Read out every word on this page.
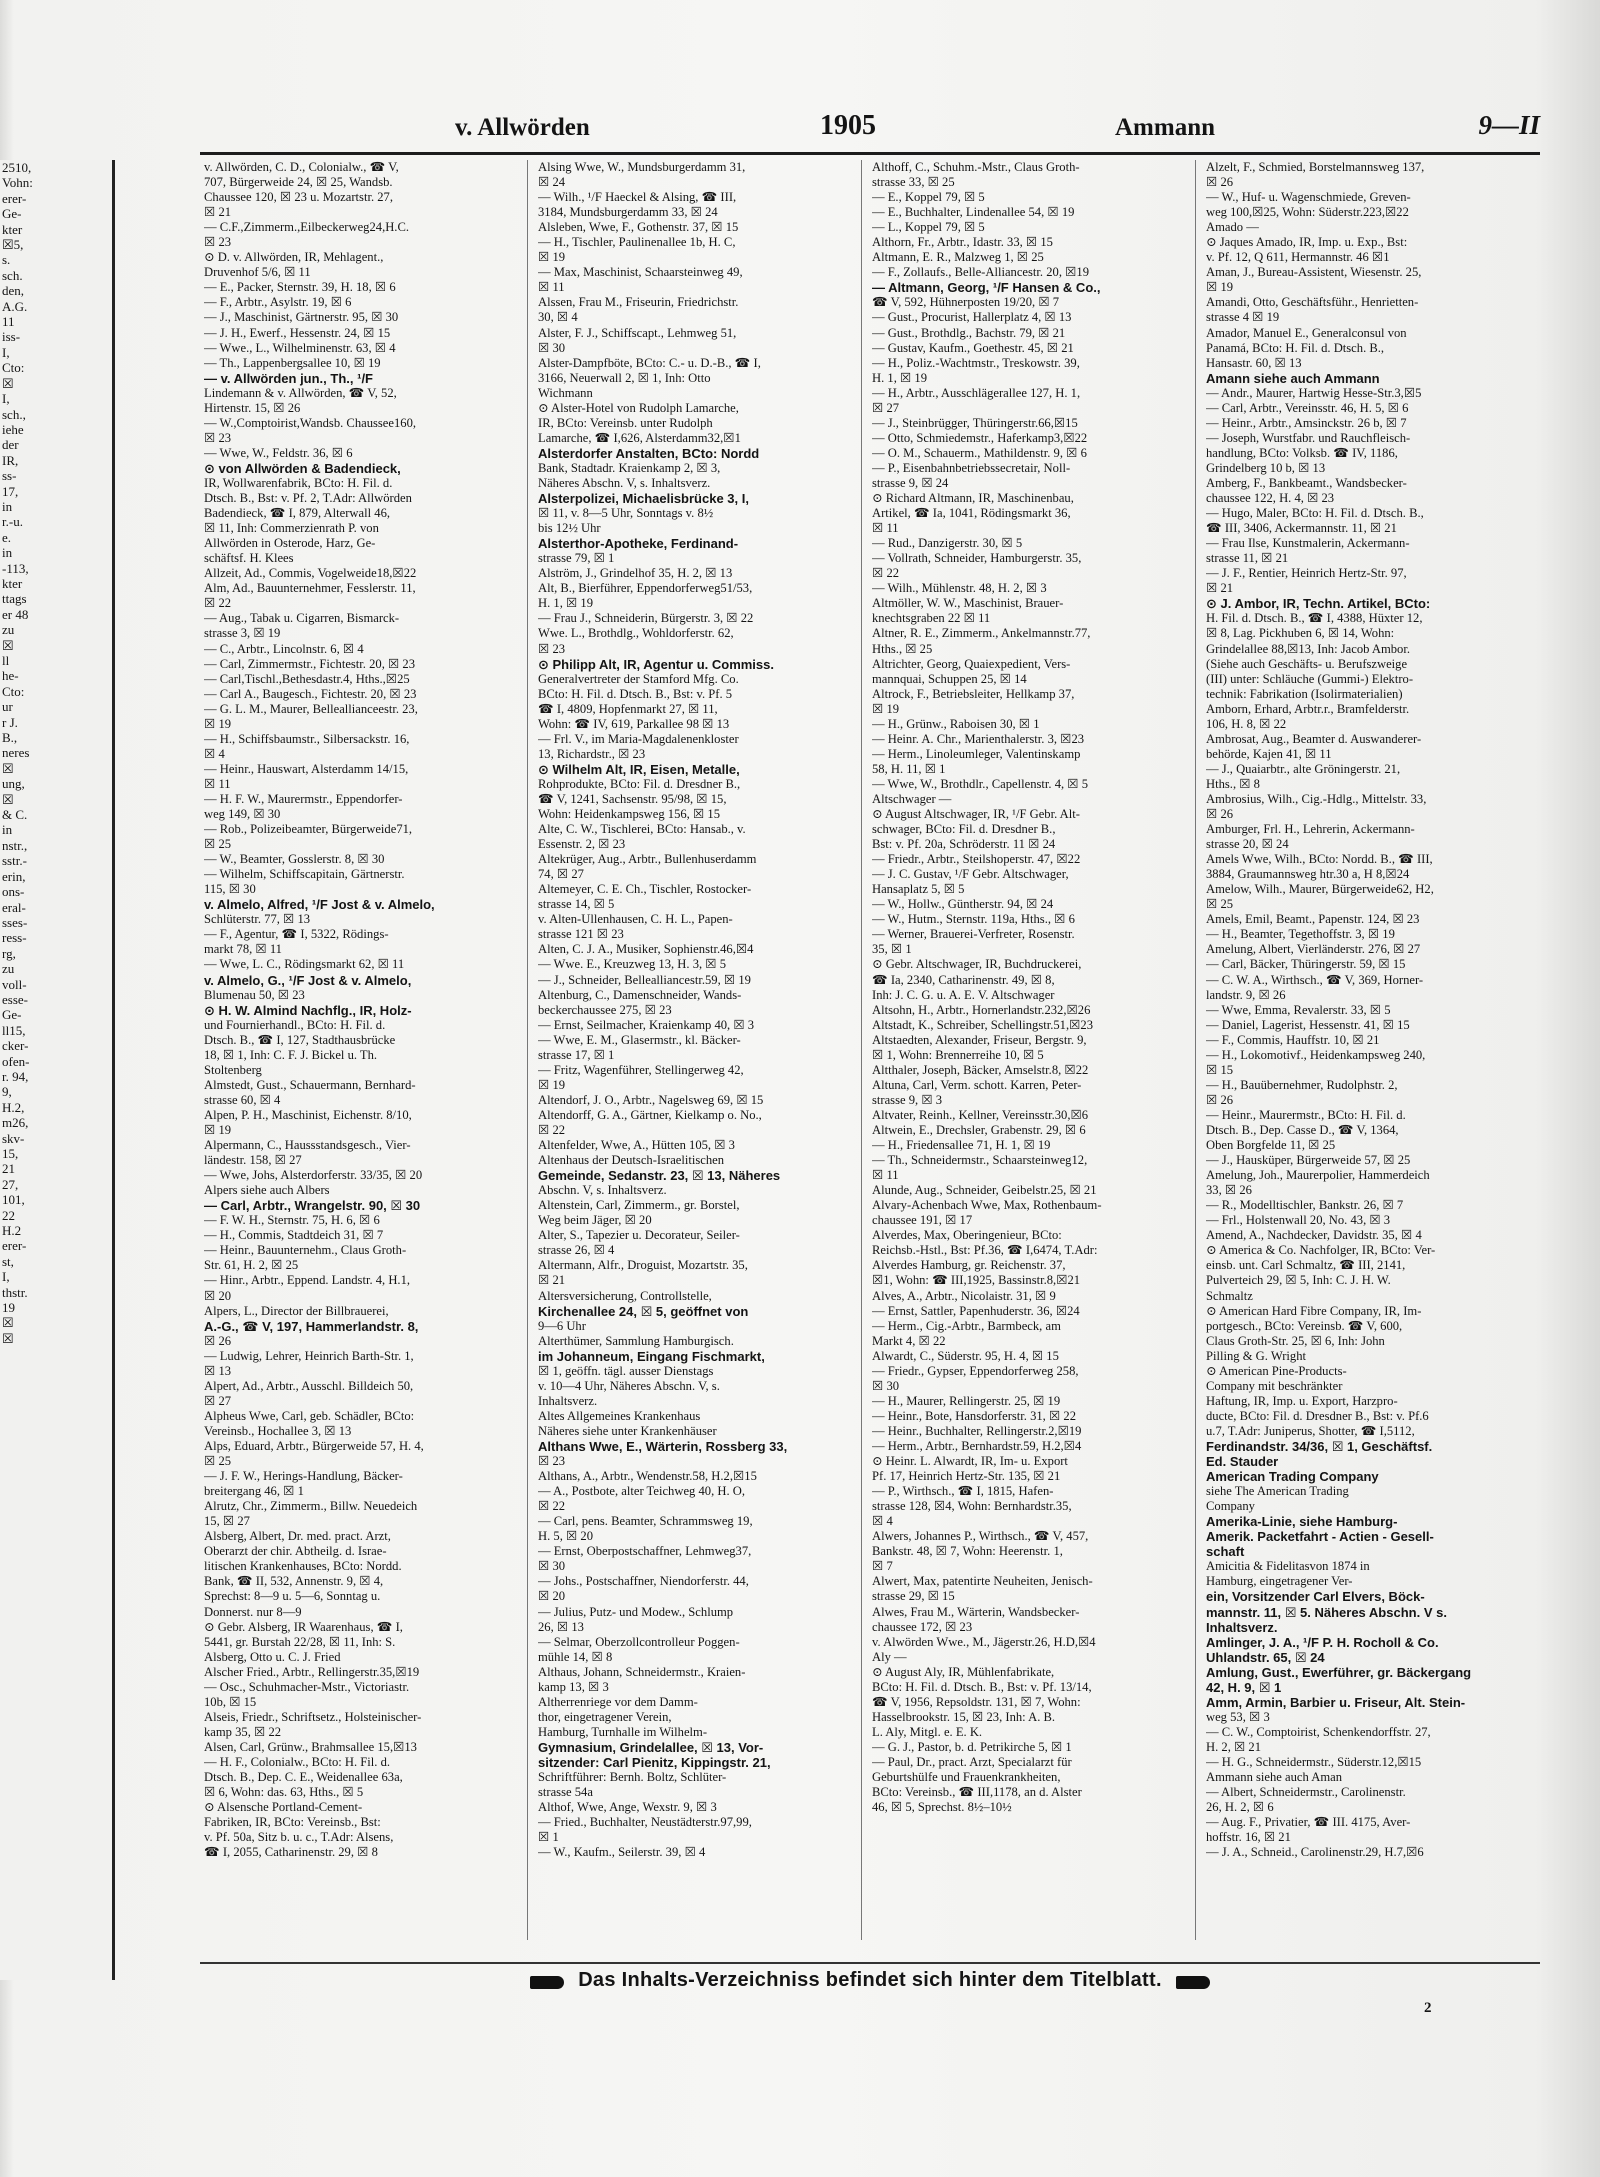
2510,
Vohn:
erer-
Ge-
kter
☒5,
s.
sch.
den,
A.G.
11
iss-
I,
Cto:
☒
I,
sch.,
iehe
der
IR,
ss-
17,
in
r.-u.
e.
in
-113,
kter
ttags
er 48
zu
☒
ll
he-
Cto:
ur
r J.
B.,
neres
☒
ung,
☒
& C.
in
nstr.,
sstr.-
erin,
ons-
eral-
sses-
ress-
rg,
zu
voll-
esse-
Ge-
ll15,
cker-
ofen-
r. 94,
9,
H.2,
m26,
skv-
15,
21
27,
101,
22
H.2
erer-
st,
I,
thstr.
19
☒
☒
v. Allwörden	1905	Ammann	9—II
v. Allwörden, C. D., Colonialw., ☎ V,
707, Bürgerweide 24, ☒ 25, Wandsb.
Chaussee 120, ☒ 23 u. Mozartstr. 27,
☒ 21
— C.F.,Zimmerm.,Eilbeckerweg24,H.C.
☒ 23
⊙ D. v. Allwörden, IR, Mehlagent.,
Druvenhof 5/6, ☒ 11
— E., Packer, Sternstr. 39, H. 18, ☒ 6
— F., Arbtr., Asylstr. 19, ☒ 6
— J., Maschinist, Gärtnerstr. 95, ☒ 30
— J. H., Ewerf., Hessenstr. 24, ☒ 15
— Wwe., L., Wilhelminenstr. 63, ☒ 4
— Th., Lappenbergsallee 10, ☒ 19
— v. Allwörden jun., Th., ¹/F
Lindemann & v. Allwörden, ☎ V, 52,
Hirtenstr. 15, ☒ 26
— W.,Comptoirist,Wandsb. Chaussee160,
☒ 23
— Wwe, W., Feldstr. 36, ☒ 6
⊙ von Allwörden & Badendieck,
IR, Wollwarenfabrik, BCto: H. Fil. d.
Dtsch. B., Bst: v. Pf. 2, T.Adr: Allwörden
Badendieck, ☎ I, 879, Alterwall 46,
☒ 11, Inh: Commerzienrath P. von
Allwörden in Osterode, Harz, Ge-
schäftsf. H. Klees
Allzeit, Ad., Commis, Vogelweide18,☒22
Alm, Ad., Bauunternehmer, Fesslerstr. 11,
☒ 22
— Aug., Tabak u. Cigarren, Bismarck-
strasse 3, ☒ 19
— C., Arbtr., Lincolnstr. 6, ☒ 4
— Carl, Zimmermstr., Fichtestr. 20, ☒ 23
— Carl,Tischl.,Bethesdastr.4, Hths.,☒25
— Carl A., Baugesch., Fichtestr. 20, ☒ 23
— G. L. M., Maurer, Belleallianceestr. 23,
☒ 19
— H., Schiffsbaumstr., Silbersackstr. 16,
☒ 4
— Heinr., Hauswart, Alsterdamm 14/15,
☒ 11
— H. F. W., Maurermstr., Eppendorfer-
weg 149, ☒ 30
— Rob., Polizeibeamter, Bürgerweide71,
☒ 25
— W., Beamter, Gosslerstr. 8, ☒ 30
— Wilhelm, Schiffscapitain, Gärtnerstr.
115, ☒ 30
v. Almelo, Alfred, ¹/F Jost & v. Almelo,
Schlüterstr. 77, ☒ 13
— F., Agentur, ☎ I, 5322, Rödings-
markt 78, ☒ 11
— Wwe, L. C., Rödingsmarkt 62, ☒ 11
v. Almelo, G., ¹/F Jost & v. Almelo,
Blumenau 50, ☒ 23
⊙ H. W. Almind Nachflg., IR, Holz-
und Fournierhandl., BCto: H. Fil. d.
Dtsch. B., ☎ I, 127, Stadthausbrücke
18, ☒ 1, Inh: C. F. J. Bickel u. Th.
Stoltenberg
Almstedt, Gust., Schauermann, Bernhard-
strasse 60, ☒ 4
Alpen, P. H., Maschinist, Eichenstr. 8/10,
☒ 19
Alpermann, C., Haussstandsgesch., Vier-
ländestr. 158, ☒ 27
— Wwe, Johs, Alsterdorferstr. 33/35, ☒ 20
Alpers siehe auch Albers
— Carl, Arbtr., Wrangelstr. 90, ☒ 30
— F. W. H., Sternstr. 75, H. 6, ☒ 6
— H., Commis, Stadtdeich 31, ☒ 7
— Heinr., Bauunternehm., Claus Groth-
Str. 61, H. 2, ☒ 25
— Hinr., Arbtr., Eppend. Landstr. 4, H.1,
☒ 20
Alpers, L., Director der Billbrauerei,
A.-G., ☎ V, 197, Hammerlandstr. 8,
☒ 26
— Ludwig, Lehrer, Heinrich Barth-Str. 1,
☒ 13
Alpert, Ad., Arbtr., Ausschl. Billdeich 50,
☒ 27
Alpheus Wwe, Carl, geb. Schädler, BCto:
Vereinsb., Hochallee 3, ☒ 13
Alps, Eduard, Arbtr., Bürgerweide 57, H. 4,
☒ 25
— J. F. W., Herings-Handlung, Bäcker-
breitergang 46, ☒ 1
Alrutz, Chr., Zimmerm., Billw. Neuedeich
15, ☒ 27
Alsberg, Albert, Dr. med. pract. Arzt,
Oberarzt der chir. Abtheilg. d. Israe-
litischen Krankenhauses, BCto: Nordd.
Bank, ☎ II, 532, Annenstr. 9, ☒ 4,
Sprechst: 8—9 u. 5—6, Sonntag u.
Donnerst. nur 8—9
⊙ Gebr. Alsberg, IR Waarenhaus, ☎ I,
5441, gr. Burstah 22/28, ☒ 11, Inh: S.
Alsberg, Otto u. C. J. Fried
Alscher Fried., Arbtr., Rellingerstr.35,☒19
— Osc., Schuhmacher-Mstr., Victoriastr.
10b, ☒ 15
Alseis, Friedr., Schriftsetz., Holsteinischer-
kamp 35, ☒ 22
Alsen, Carl, Grünw., Brahmsallee 15,☒13
— H. F., Colonialw., BCto: H. Fil. d.
Dtsch. B., Dep. C. E., Weidenallee 63a,
☒ 6, Wohn: das. 63, Hths., ☒ 5
⊙ Alsensche Portland-Cement-
Fabriken, IR, BCto: Vereinsb., Bst:
v. Pf. 50a, Sitz b. u. c., T.Adr: Alsens,
☎ I, 2055, Catharinenstr. 29, ☒ 8
Alsing Wwe, W., Mundsburgerdamm 31,
☒ 24
— Wilh., ¹/F Haeckel & Alsing, ☎ III,
3184, Mundsburgerdamm 33, ☒ 24
Alsleben, Wwe, F., Gothenstr. 37, ☒ 15
— H., Tischler, Paulinenallee 1b, H. C,
☒ 19
— Max, Maschinist, Schaarsteinweg 49,
☒ 11
Alssen, Frau M., Friseurin, Friedrichstr.
30, ☒ 4
Alster, F. J., Schiffscapt., Lehmweg 51,
☒ 30
Alster-Dampfböte, BCto: C.- u. D.-B., ☎ I,
3166, Neuerwall 2, ☒ 1, Inh: Otto
Wichmann
⊙ Alster-Hotel von Rudolph Lamarche,
IR, BCto: Vereinsb. unter Rudolph
Lamarche, ☎ I,626, Alsterdamm32,☒1
Alsterdorfer Anstalten, BCto: Nordd
Bank, Stadtadr. Kraienkamp 2, ☒ 3,
Näheres Abschn. V, s. Inhaltsverz.
Alsterpolizei, Michaelisbrücke 3, I,
☒ 11, v. 8—5 Uhr, Sonntags v. 8½
bis 12½ Uhr
Alsterthor-Apotheke, Ferdinand-
strasse 79, ☒ 1
Alström, J., Grindelhof 35, H. 2, ☒ 13
Alt, B., Bierführer, Eppendorferweg51/53,
H. 1, ☒ 19
— Frau J., Schneiderin, Bürgerstr. 3, ☒ 22
Wwe. L., Brothdlg., Wohldorferstr. 62,
☒ 23
⊙ Philipp Alt, IR, Agentur u. Commiss.
Generalvertreter der Stamford Mfg. Co.
BCto: H. Fil. d. Dtsch. B., Bst: v. Pf. 5
☎ I, 4809, Hopfenmarkt 27, ☒ 11,
Wohn: ☎ IV, 619, Parkallee 98 ☒ 13
— Frl. V., im Maria-Magdalenenkloster
13, Richardstr., ☒ 23
⊙ Wilhelm Alt, IR, Eisen, Metalle,
Rohprodukte, BCto: Fil. d. Dresdner B.,
☎ V, 1241, Sachsenstr. 95/98, ☒ 15,
Wohn: Heidenkampsweg 156, ☒ 15
Alte, C. W., Tischlerei, BCto: Hansab., v.
Essenstr. 2, ☒ 23
Altekrüger, Aug., Arbtr., Bullenhuserdamm
74, ☒ 27
Altemeyer, C. E. Ch., Tischler, Rostocker-
strasse 14, ☒ 5
v. Alten-Ullenhausen, C. H. L., Papen-
strasse 121 ☒ 23
Alten, C. J. A., Musiker, Sophienstr.46,☒4
— Wwe. E., Kreuzweg 13, H. 3, ☒ 5
— J., Schneider, Bellealliancestr.59, ☒ 19
Altenburg, C., Damenschneider, Wands-
beckerchaussee 275, ☒ 23
— Ernst, Seilmacher, Kraienkamp 40, ☒ 3
— Wwe, E. M., Glasermstr., kl. Bäcker-
strasse 17, ☒ 1
— Fritz, Wagenführer, Stellingerweg 42,
☒ 19
Altendorf, J. O., Arbtr., Nagelsweg 69, ☒ 15
Altendorff, G. A., Gärtner, Kielkamp o. No.,
☒ 22
Altenfelder, Wwe, A., Hütten 105, ☒ 3
Altenhaus der Deutsch-Israelitischen
Gemeinde, Sedanstr. 23, ☒ 13, Näheres
Abschn. V, s. Inhaltsverz.
Altenstein, Carl, Zimmerm., gr. Borstel,
Weg beim Jäger, ☒ 20
Alter, S., Tapezier u. Decorateur, Seiler-
strasse 26, ☒ 4
Altermann, Alfr., Droguist, Mozartstr. 35,
☒ 21
Altersversicherung, Controllstelle,
Kirchenallee 24, ☒ 5, geöffnet von
9—6 Uhr
Alterthümer, Sammlung Hamburgisch.
im Johanneum, Eingang Fischmarkt,
☒ 1, geöffn. tägl. ausser Dienstags
v. 10—4 Uhr, Näheres Abschn. V, s.
Inhaltsverz.
Altes Allgemeines Krankenhaus
Näheres siehe unter Krankenhäuser
Althans Wwe, E., Wärterin, Rossberg 33,
☒ 23
Althans, A., Arbtr., Wendenstr.58, H.2,☒15
— A., Postbote, alter Teichweg 40, H. O,
☒ 22
— Carl, pens. Beamter, Schrammsweg 19,
H. 5, ☒ 20
— Ernst, Oberpostschaffner, Lehmweg37,
☒ 30
— Johs., Postschaffner, Niendorferstr. 44,
☒ 20
— Julius, Putz- und Modew., Schlump
26, ☒ 13
— Selmar, Oberzollcontrolleur Poggen-
mühle 14, ☒ 8
Althaus, Johann, Schneidermstr., Kraien-
kamp 13, ☒ 3
Altherrenriege vor dem Damm-
thor, eingetragener Verein,
Hamburg, Turnhalle im Wilhelm-
Gymnasium, Grindelallee, ☒ 13, Vor-
sitzender: Carl Pienitz, Kippingstr. 21,
Schriftführer: Bernh. Boltz, Schlüter-
strasse 54a
Althof, Wwe, Ange, Wexstr. 9, ☒ 3
— Fried., Buchhalter, Neustädterstr.97,99,
☒ 1
— W., Kaufm., Seilerstr. 39, ☒ 4
Althoff, C., Schuhm.-Mstr., Claus Groth-
strasse 33, ☒ 25
— E., Koppel 79, ☒ 5
— E., Buchhalter, Lindenallee 54, ☒ 19
— L., Koppel 79, ☒ 5
Althorn, Fr., Arbtr., Idastr. 33, ☒ 15
Altmann, E. R., Malzweg 1, ☒ 25
— F., Zollaufs., Belle-Alliancestr. 20, ☒19
— Altmann, Georg, ¹/F Hansen & Co.,
☎ V, 592, Hühnerposten 19/20, ☒ 7
— Gust., Procurist, Hallerplatz 4, ☒ 13
— Gust., Brothdlg., Bachstr. 79, ☒ 21
— Gustav, Kaufm., Goethestr. 45, ☒ 21
— H., Poliz.-Wachtmstr., Treskowstr. 39,
H. 1, ☒ 19
— H., Arbtr., Ausschlägerallee 127, H. 1,
☒ 27
— J., Steinbrügger, Thüringerstr.66,☒15
— Otto, Schmiedemstr., Haferkamp3,☒22
— O. M., Schauerm., Mathildenstr. 9, ☒ 6
— P., Eisenbahnbetriebssecretair, Noll-
strasse 9, ☒ 24
⊙ Richard Altmann, IR, Maschinenbau,
Artikel, ☎ Ia, 1041, Rödingsmarkt 36,
☒ 11
— Rud., Danzigerstr. 30, ☒ 5
— Vollrath, Schneider, Hamburgerstr. 35,
☒ 22
— Wilh., Mühlenstr. 48, H. 2, ☒ 3
Altmöller, W. W., Maschinist, Brauer-
knechtsgraben 22 ☒ 11
Altner, R. E., Zimmerm., Ankelmannstr.77,
Hths., ☒ 25
Altrichter, Georg, Quaiexpedient, Vers-
mannquai, Schuppen 25, ☒ 14
Altrock, F., Betriebsleiter, Hellkamp 37,
☒ 19
— H., Grünw., Raboisen 30, ☒ 1
— Heinr. A. Chr., Marienthalerstr. 3, ☒23
— Herm., Linoleumleger, Valentinskamp
58, H. 11, ☒ 1
— Wwe, W., Brothdlr., Capellenstr. 4, ☒ 5
Altschwager —
⊙ August Altschwager, IR, ¹/F Gebr. Alt-
schwager, BCto: Fil. d. Dresdner B.,
Bst: v. Pf. 20a, Schröderstr. 11 ☒ 24
— Friedr., Arbtr., Steilshoperstr. 47, ☒22
— J. C. Gustav, ¹/F Gebr. Altschwager,
Hansaplatz 5, ☒ 5
— W., Hollw., Güntherstr. 94, ☒ 24
— W., Hutm., Sternstr. 119a, Hths., ☒ 6
— Werner, Brauerei-Verfreter, Rosenstr.
35, ☒ 1
⊙ Gebr. Altschwager, IR, Buchdruckerei,
☎ Ia, 2340, Catharinenstr. 49, ☒ 8,
Inh: J. C. G. u. A. E. V. Altschwager
Altsohn, H., Arbtr., Hornerlandstr.232,☒26
Altstadt, K., Schreiber, Schellingstr.51,☒23
Altstaedten, Alexander, Friseur, Bergstr. 9,
☒ 1, Wohn: Brennerreihe 10, ☒ 5
Altthaler, Joseph, Bäcker, Amselstr.8, ☒22
Altuna, Carl, Verm. schott. Karren, Peter-
strasse 9, ☒ 3
Altvater, Reinh., Kellner, Vereinsstr.30,☒6
Altwein, E., Drechsler, Grabenstr. 29, ☒ 6
— H., Friedensallee 71, H. 1, ☒ 19
— Th., Schneidermstr., Schaarsteinweg12,
☒ 11
Alunde, Aug., Schneider, Geibelstr.25, ☒ 21
Alvary-Achenbach Wwe, Max, Rothenbaum-
chaussee 191, ☒ 17
Alverdes, Max, Oberingenieur, BCto:
Reichsb.-Hstl., Bst: Pf.36, ☎ I,6474, T.Adr:
Alverdes Hamburg, gr. Reichenstr. 37,
☒1, Wohn: ☎ III,1925, Bassinstr.8,☒21
Alves, A., Arbtr., Nicolaistr. 31, ☒ 9
— Ernst, Sattler, Papenhuderstr. 36, ☒24
— Herm., Cig.-Arbtr., Barmbeck, am
Markt 4, ☒ 22
Alwardt, C., Süderstr. 95, H. 4, ☒ 15
— Friedr., Gypser, Eppendorferweg 258,
☒ 30
— H., Maurer, Rellingerstr. 25, ☒ 19
— Heinr., Bote, Hansdorferstr. 31, ☒ 22
— Heinr., Buchhalter, Rellingerstr.2,☒19
— Herm., Arbtr., Bernhardstr.59, H.2,☒4
⊙ Heinr. L. Alwardt, IR, Im- u. Export
Pf. 17, Heinrich Hertz-Str. 135, ☒ 21
— P., Wirthsch., ☎ I, 1815, Hafen-
strasse 128, ☒4, Wohn: Bernhardstr.35,
☒ 4
Alwers, Johannes P., Wirthsch., ☎ V, 457,
Bankstr. 48, ☒ 7, Wohn: Heerenstr. 1,
☒ 7
Alwert, Max, patentirte Neuheiten, Jenisch-
strasse 29, ☒ 15
Alwes, Frau M., Wärterin, Wandsbecker-
chaussee 172, ☒ 23
v. Alwörden Wwe., M., Jägerstr.26, H.D,☒4
Aly —
⊙ August Aly, IR, Mühlenfabrikate,
BCto: H. Fil. d. Dtsch. B., Bst: v. Pf. 13/14,
☎ V, 1956, Repsoldstr. 131, ☒ 7, Wohn:
Hasselbrookstr. 15, ☒ 23, Inh: A. B.
L. Aly, Mitgl. e. E. K.
— G. J., Pastor, b. d. Petrikirche 5, ☒ 1
— Paul, Dr., pract. Arzt, Specialarzt für
Geburtshülfe und Frauenkrankheiten,
BCto: Vereinsb., ☎ III,1178, an d. Alster
46, ☒ 5, Sprechst. 8½–10½
Alzelt, F., Schmied, Borstelmannsweg 137,
☒ 26
— W., Huf- u. Wagenschmiede, Greven-
weg 100,☒25, Wohn: Süderstr.223,☒22
Amado —
⊙ Jaques Amado, IR, Imp. u. Exp., Bst:
v. Pf. 12, Q 611, Hermannstr. 46 ☒1
Aman, J., Bureau-Assistent, Wiesenstr. 25,
☒ 19
Amandi, Otto, Geschäftsführ., Henrietten-
strasse 4 ☒ 19
Amador, Manuel E., Generalconsul von
Panamá, BCto: H. Fil. d. Dtsch. B.,
Hansastr. 60, ☒ 13
Amann siehe auch Ammann
— Andr., Maurer, Hartwig Hesse-Str.3,☒5
— Carl, Arbtr., Vereinsstr. 46, H. 5, ☒ 6
— Heinr., Arbtr., Amsinckstr. 26 b, ☒ 7
— Joseph, Wurstfabr. und Rauchfleisch-
handlung, BCto: Volksb. ☎ IV, 1186,
Grindelberg 10 b, ☒ 13
Amberg, F., Bankbeamt., Wandsbecker-
chaussee 122, H. 4, ☒ 23
— Hugo, Maler, BCto: H. Fil. d. Dtsch. B.,
☎ III, 3406, Ackermannstr. 11, ☒ 21
— Frau Ilse, Kunstmalerin, Ackermann-
strasse 11, ☒ 21
— J. F., Rentier, Heinrich Hertz-Str. 97,
☒ 21
⊙ J. Ambor, IR, Techn. Artikel, BCto:
H. Fil. d. Dtsch. B., ☎ I, 4388, Hüxter 12,
☒ 8, Lag. Pickhuben 6, ☒ 14, Wohn:
Grindelallee 88,☒13, Inh: Jacob Ambor.
(Siehe auch Geschäfts- u. Berufszweige
(III) unter: Schläuche (Gummi-) Elektro-
technik: Fabrikation (Isolirmaterialien)
Amborn, Erhard, Arbtr.r., Bramfelderstr.
106, H. 8, ☒ 22
Ambrosat, Aug., Beamter d. Auswanderer-
behörde, Kajen 41, ☒ 11
— J., Quaiarbtr., alte Gröningerstr. 21,
Hths., ☒ 8
Ambrosius, Wilh., Cig.-Hdlg., Mittelstr. 33,
☒ 26
Amburger, Frl. H., Lehrerin, Ackermann-
strasse 20, ☒ 24
Amels Wwe, Wilh., BCto: Nordd. B., ☎ III,
3884, Graumannsweg htr.30 a, H 8,☒24
Amelow, Wilh., Maurer, Bürgerweide62, H2,
☒ 25
Amels, Emil, Beamt., Papenstr. 124, ☒ 23
— H., Beamter, Tegethoffstr. 3, ☒ 19
Amelung, Albert, Vierländerstr. 276, ☒ 27
— Carl, Bäcker, Thüringerstr. 59, ☒ 15
— C. W. A., Wirthsch., ☎ V, 369, Horner-
landstr. 9, ☒ 26
— Wwe, Emma, Revalerstr. 33, ☒ 5
— Daniel, Lagerist, Hessenstr. 41, ☒ 15
— F., Commis, Hauffstr. 10, ☒ 21
— H., Lokomotivf., Heidenkampsweg 240,
☒ 15
— H., Bauübernehmer, Rudolphstr. 2,
☒ 26
— Heinr., Maurermstr., BCto: H. Fil. d.
Dtsch. B., Dep. Casse D., ☎ V, 1364,
Oben Borgfelde 11, ☒ 25
— J., Hausküper, Bürgerweide 57, ☒ 25
Amelung, Joh., Maurerpolier, Hammerdeich
33, ☒ 26
— R., Modelltischler, Bankstr. 26, ☒ 7
— Frl., Holstenwall 20, No. 43, ☒ 3
Amend, A., Nachdecker, Davidstr. 35, ☒ 4
⊙ America & Co. Nachfolger, IR, BCto: Ver-
einsb. unt. Carl Schmaltz, ☎ III, 2141,
Pulverteich 29, ☒ 5, Inh: C. J. H. W.
Schmaltz
⊙ American Hard Fibre Company, IR, Im-
portgesch., BCto: Vereinsb. ☎ V, 600,
Claus Groth-Str. 25, ☒ 6, Inh: John
Pilling & G. Wright
⊙ American Pine-Products-
Company mit beschränkter
Haftung, IR, Imp. u. Export, Harzpro-
ducte, BCto: Fil. d. Dresdner B., Bst: v. Pf.6
u.7, T.Adr: Juniperus, Shotter, ☎ I,5112,
Ferdinandstr. 34/36, ☒ 1, Geschäftsf.
Ed. Stauder
American Trading Company
siehe The American Trading
Company
Amerika-Linie, siehe Hamburg-
Amerik. Packetfahrt - Actien - Gesell-
schaft
Amicitia & Fidelitasvon 1874 in
Hamburg, eingetragener Ver-
ein, Vorsitzender Carl Elvers, Böck-
mannstr. 11, ☒ 5. Näheres Abschn. V s.
Inhaltsverz.
Amlinger, J. A., ¹/F P. H. Rocholl & Co.
Uhlandstr. 65, ☒ 24
Amlung, Gust., Ewerführer, gr. Bäckergang
42, H. 9, ☒ 1
Amm, Armin, Barbier u. Friseur, Alt. Stein-
weg 53, ☒ 3
— C. W., Comptoirist, Schenkendorffstr. 27,
H. 2, ☒ 21
— H. G., Schneidermstr., Süderstr.12,☒15
Ammann siehe auch Aman
— Albert, Schneidermstr., Carolinenstr.
26, H. 2, ☒ 6
— Aug. F., Privatier, ☎ III. 4175, Aver-
hoffstr. 16, ☒ 21
— J. A., Schneid., Carolinenstr.29, H.7,☒6
Das Inhalts-Verzeichniss befindet sich hinter dem Titelblatt.
2
